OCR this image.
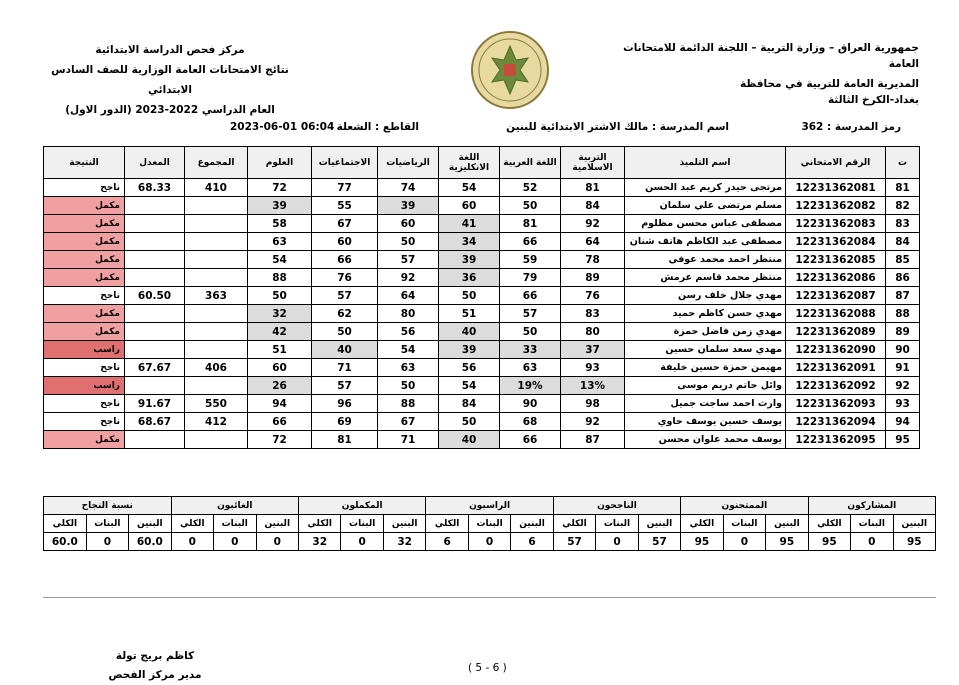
جمهورية العراق – وزارة التربية – اللجنة الدائمة للامتحانات العامة
المديرية العامة للتربية في محافظة
بغداد-الكرخ الثالثة
مركز فحص الدراسة الابتدائية
نتائج الامتحانات العامة الوزارية للصف السادس الابتدائي
العام الدراسي 2022-2023 (الدور الاول)
رمز المدرسة : 362
اسم المدرسة : مالك الاشتر الابتدائية للبنين
القاطع : الشعلة
06:04 2023-06-01
ت	الرقم الامتحاني	اسم التلميذ	التربية الاسلامية	اللغة العربية	اللغة الانكليزية	الرياضيات	الاجتماعيات	العلوم	المجموع	المعدل	النتيجة
81	12231362081	مرتجى حيدر كريم عبد الحسن	81	52	54	74	77	72	410	68.33	ناجح
82	12231362082	مسلم مرتضى علي سلمان	84	50	60	39	55	39			مكمل
83	12231362083	مصطفى عباس محسن مظلوم	92	81	41	60	67	58			مكمل
84	12231362084	مصطفى عبد الكاظم هاتف شنان	64	66	34	50	60	63			مكمل
85	12231362085	منتظر احمد محمد عوفي	78	59	39	57	66	54			مكمل
86	12231362086	منتظر محمد قاسم عرمش	89	79	36	92	76	88			مكمل
87	12231362087	مهدي جلال خلف رسن	76	66	50	64	57	50	363	60.50	ناجح
88	12231362088	مهدي حسن كاظم حميد	83	57	51	80	62	32			مكمل
89	12231362089	مهدي زمن فاضل حمزة	80	50	40	56	50	42			مكمل
90	12231362090	مهدي سعد سلمان حسين	37	33	39	54	40	51			راسب
91	12231362091	مهيمن حمزة حسين خليفة	93	63	56	63	71	60	406	67.67	ناجح
92	12231362092	وائل حاتم دريم موسى	13%	19%	54	50	57	26			راسب
93	12231362093	وارث احمد ساجت جميل	98	90	84	88	96	94	550	91.67	ناجح
94	12231362094	يوسف حسين يوسف حاوي	92	68	50	67	69	66	412	68.67	ناجح
95	12231362095	يوسف محمد علوان محسن	87	66	40	71	81	72			مكمل
المشاركون			الممتحنون			الناجحون			الراسبون			المكملون			الغائبون			نسبة النجاح		
البنين	البنات	الكلي	البنين	البنات	الكلي	البنين	البنات	الكلي	البنين	البنات	الكلي	البنين	البنات	الكلي	البنين	البنات	الكلي	البنين	البنات	الكلي
95	0	95	95	0	95	57	0	57	6	0	6	32	0	32	0	0	0	60.0	0	60.0
كاظم بريج تولة
مدير مركز الفحص
( 5 - 6 )
